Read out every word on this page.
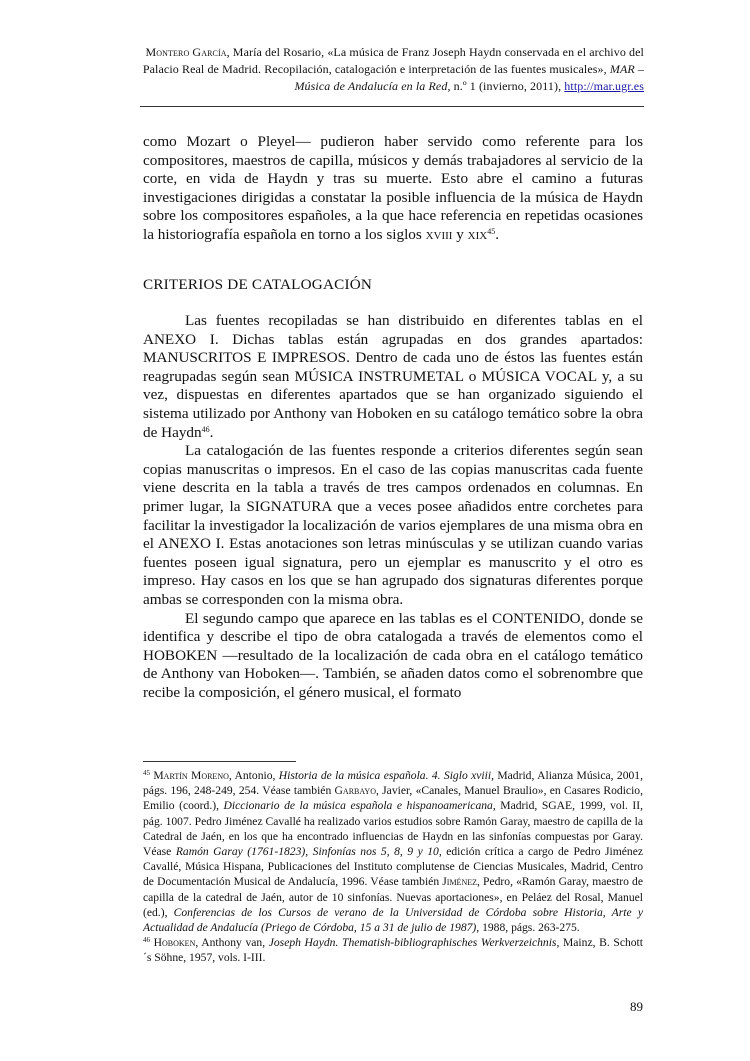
Montero García, María del Rosario, «La música de Franz Joseph Haydn conservada en el archivo del Palacio Real de Madrid. Recopilación, catalogación e interpretación de las fuentes musicales», MAR – Música de Andalucía en la Red, n.º 1 (invierno, 2011), http://mar.ugr.es

como Mozart o Pleyel— pudieron haber servido como referente para los compositores, maestros de capilla, músicos y demás trabajadores al servicio de la corte, en vida de Haydn y tras su muerte. Esto abre el camino a futuras investigaciones dirigidas a constatar la posible influencia de la música de Haydn sobre los compositores españoles, a la que hace referencia en repetidas ocasiones la historiografía española en torno a los siglos xviii y xix$^{45}$.

CRITERIOS DE CATALOGACIÓN

Las fuentes recopiladas se han distribuido en diferentes tablas en el ANEXO I. Dichas tablas están agrupadas en dos grandes apartados: MANUSCRITOS E IMPRESOS. Dentro de cada uno de éstos las fuentes están reagrupadas según sean MÚSICA INSTRUMETAL o MÚSICA VOCAL y, a su vez, dispuestas en diferentes apartados que se han organizado siguiendo el sistema utilizado por Anthony van Hoboken en su catálogo temático sobre la obra de Haydn$^{46}$.

La catalogación de las fuentes responde a criterios diferentes según sean copias manuscritas o impresos. En el caso de las copias manuscritas cada fuente viene descrita en la tabla a través de tres campos ordenados en columnas. En primer lugar, la SIGNATURA que a veces posee añadidos entre corchetes para facilitar la investigador la localización de varios ejemplares de una misma obra en el ANEXO I. Estas anotaciones son letras minúsculas y se utilizan cuando varias fuentes poseen igual signatura, pero un ejemplar es manuscrito y el otro es impreso. Hay casos en los que se han agrupado dos signaturas diferentes porque ambas se corresponden con la misma obra.

El segundo campo que aparece en las tablas es el CONTENIDO, donde se identifica y describe el tipo de obra catalogada a través de elementos como el HOBOKEN —resultado de la localización de cada obra en el catálogo temático de Anthony van Hoboken—. También, se añaden datos como el sobrenombre que recibe la composición, el género musical, el formato

$^{45}$ Martín Moreno, Antonio, Historia de la música española. 4. Siglo xviii, Madrid, Alianza Música, 2001, págs. 196, 248-249, 254. Véase también Garbayo, Javier, «Canales, Manuel Braulio», en Casares Rodicio, Emilio (coord.), Diccionario de la música española e hispanoamericana, Madrid, SGAE, 1999, vol. II, pág. 1007. Pedro Jiménez Cavallé ha realizado varios estudios sobre Ramón Garay, maestro de capilla de la Catedral de Jaén, en los que ha encontrado influencias de Haydn en las sinfonías compuestas por Garay. Véase Ramón Garay (1761-1823), Sinfonías nos 5, 8, 9 y 10, edición crítica a cargo de Pedro Jiménez Cavallé, Música Hispana, Publicaciones del Instituto complutense de Ciencias Musicales, Madrid, Centro de Documentación Musical de Andalucía, 1996. Véase también Jiménez, Pedro, «Ramón Garay, maestro de capilla de la catedral de Jaén, autor de 10 sinfonías. Nuevas aportaciones», en Peláez del Rosal, Manuel (ed.), Conferencias de los Cursos de verano de la Universidad de Córdoba sobre Historia, Arte y Actualidad de Andalucía (Priego de Córdoba, 15 a 31 de julio de 1987), 1988, págs. 263-275.

$^{46}$ Hoboken, Anthony van, Joseph Haydn. Thematish-bibliographisches Werkverzeichnis, Mainz, B. Schott´s Söhne, 1957, vols. I-III.

89
